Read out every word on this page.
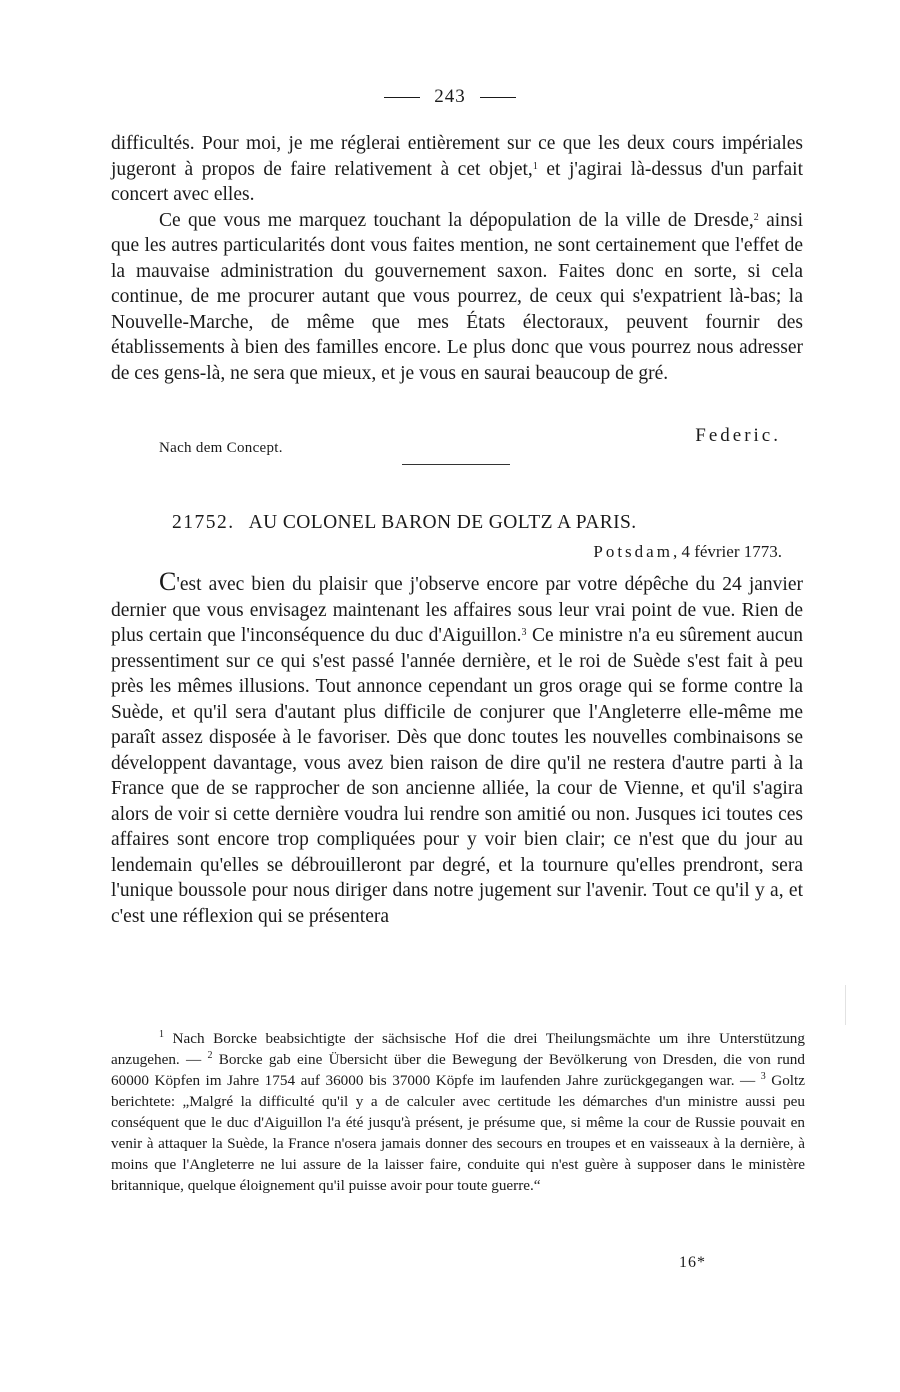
243

difficultés. Pour moi, je me réglerai entièrement sur ce que les deux cours impériales jugeront à propos de faire relativement à cet objet,$^1$ et j'agirai là-dessus d'un parfait concert avec elles.

Ce que vous me marquez touchant la dépopulation de la ville de Dresde,$^2$ ainsi que les autres particularités dont vous faites mention, ne sont certainement que l'effet de la mauvaise administration du gouvernement saxon. Faites donc en sorte, si cela continue, de me procurer autant que vous pourrez, de ceux qui s'expatrient là-bas; la Nouvelle-Marche, de même que mes États électoraux, peuvent fournir des établissements à bien des familles encore. Le plus donc que vous pourrez nous adresser de ces gens-là, ne sera que mieux, et je vous en saurai beaucoup de gré.

Nach dem Concept.
Federic.
21752. AU COLONEL BARON DE GOLTZ A PARIS.
Potsdam, 4 février 1773.

C'est avec bien du plaisir que j'observe encore par votre dépêche du 24 janvier dernier que vous envisagez maintenant les affaires sous leur vrai point de vue. Rien de plus certain que l'inconséquence du duc d'Aiguillon.$^3$ Ce ministre n'a eu sûrement aucun pressentiment sur ce qui s'est passé l'année dernière, et le roi de Suède s'est fait à peu près les mêmes illusions. Tout annonce cependant un gros orage qui se forme contre la Suède, et qu'il sera d'autant plus difficile de conjurer que l'Angleterre elle-même me paraît assez disposée à le favoriser. Dès que donc toutes les nouvelles combinaisons se développent davantage, vous avez bien raison de dire qu'il ne restera d'autre parti à la France que de se rapprocher de son ancienne alliée, la cour de Vienne, et qu'il s'agira alors de voir si cette dernière voudra lui rendre son amitié ou non. Jusques ici toutes ces affaires sont encore trop compliquées pour y voir bien clair; ce n'est que du jour au lendemain qu'elles se débrouilleront par degré, et la tournure qu'elles prendront, sera l'unique boussole pour nous diriger dans notre jugement sur l'avenir. Tout ce qu'il y a, et c'est une réflexion qui se présentera

$^1$ Nach Borcke beabsichtigte der sächsische Hof die drei Theilungsmächte um ihre Unterstützung anzugehen. — $^2$ Borcke gab eine Übersicht über die Bewegung der Bevölkerung von Dresden, die von rund 60000 Köpfen im Jahre 1754 auf 36000 bis 37000 Köpfe im laufenden Jahre zurückgegangen war. — $^3$ Goltz berichtete: „Malgré la difficulté qu'il y a de calculer avec certitude les démarches d'un ministre aussi peu conséquent que le duc d'Aiguillon l'a été jusqu'à présent, je présume que, si même la cour de Russie pouvait en venir à attaquer la Suède, la France n'osera jamais donner des secours en troupes et en vaisseaux à la dernière, à moins que l'Angleterre ne lui assure de la laisser faire, conduite qui n'est guère à supposer dans le ministère britannique, quelque éloignement qu'il puisse avoir pour toute guerre.“

16*
